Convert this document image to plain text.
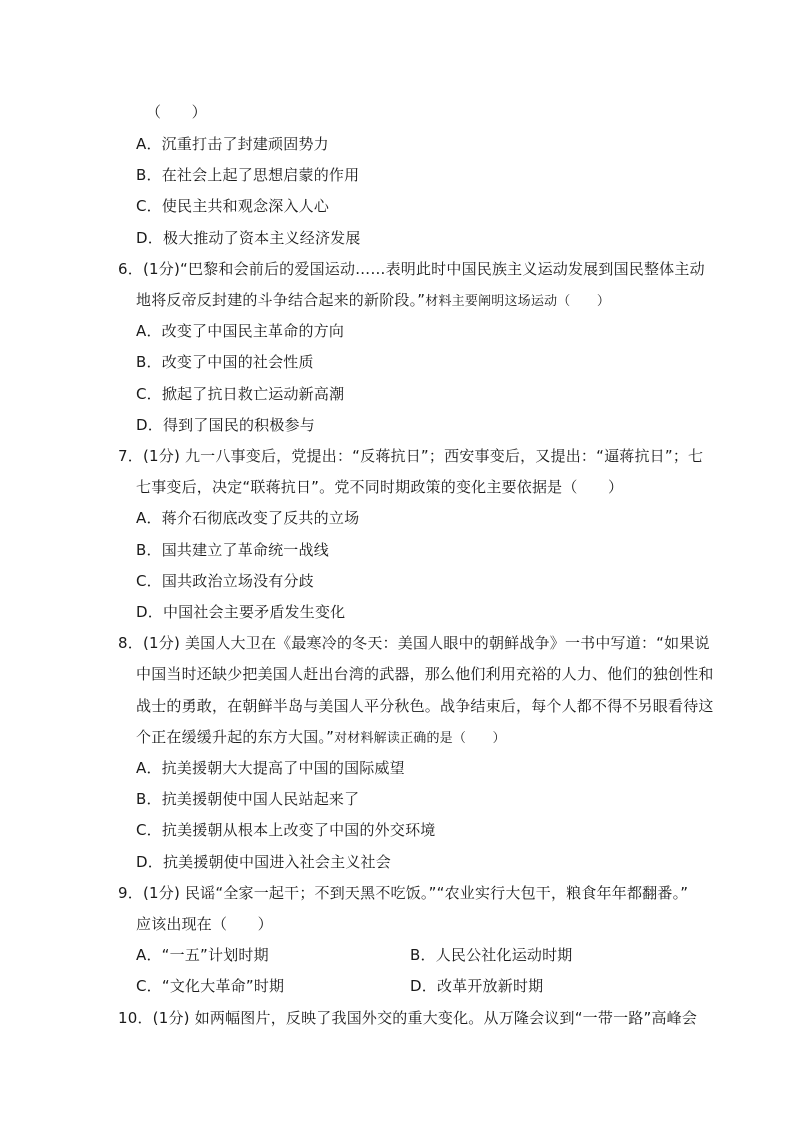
（　　）
A．沉重打击了封建顽固势力
B．在社会上起了思想启蒙的作用
C．使民主共和观念深入人心
D．极大推动了资本主义经济发展
6．(1分)“巴黎和会前后的爱国运动……表明此时中国民族主义运动发展到国民整体主动
地将反帝反封建的斗争结合起来的新阶段。”材料主要阐明这场运动（　　）
A．改变了中国民主革命的方向
B．改变了中国的社会性质
C．掀起了抗日救亡运动新高潮
D．得到了国民的积极参与
7．(1分) 九一八事变后，党提出：“反蒋抗日”；西安事变后，又提出：“逼蒋抗日”；七
七事变后，决定“联蒋抗日”。党不同时期政策的变化主要依据是（　　）
A．蒋介石彻底改变了反共的立场
B．国共建立了革命统一战线
C．国共政治立场没有分歧
D．中国社会主要矛盾发生变化
8．(1分) 美国人大卫在《最寒冷的冬天：美国人眼中的朝鲜战争》一书中写道：“如果说
中国当时还缺少把美国人赶出台湾的武器，那么他们利用充裕的人力、他们的独创性和
战士的勇敢，在朝鲜半岛与美国人平分秋色。战争结束后，每个人都不得不另眼看待这
个正在缓缓升起的东方大国。”对材料解读正确的是（　　）
A．抗美援朝大大提高了中国的国际威望
B．抗美援朝使中国人民站起来了
C．抗美援朝从根本上改变了中国的外交环境
D．抗美援朝使中国进入社会主义社会
9．(1分) 民谣“全家一起干；不到天黑不吃饭。”“农业实行大包干，粮食年年都翻番。”
应该出现在（　　）
A．“一五”计划时期	B．人民公社化运动时期
C．“文化大革命”时期	D．改革开放新时期
10．(1分) 如两幅图片，反映了我国外交的重大变化。从万隆会议到“一带一路”高峰会
